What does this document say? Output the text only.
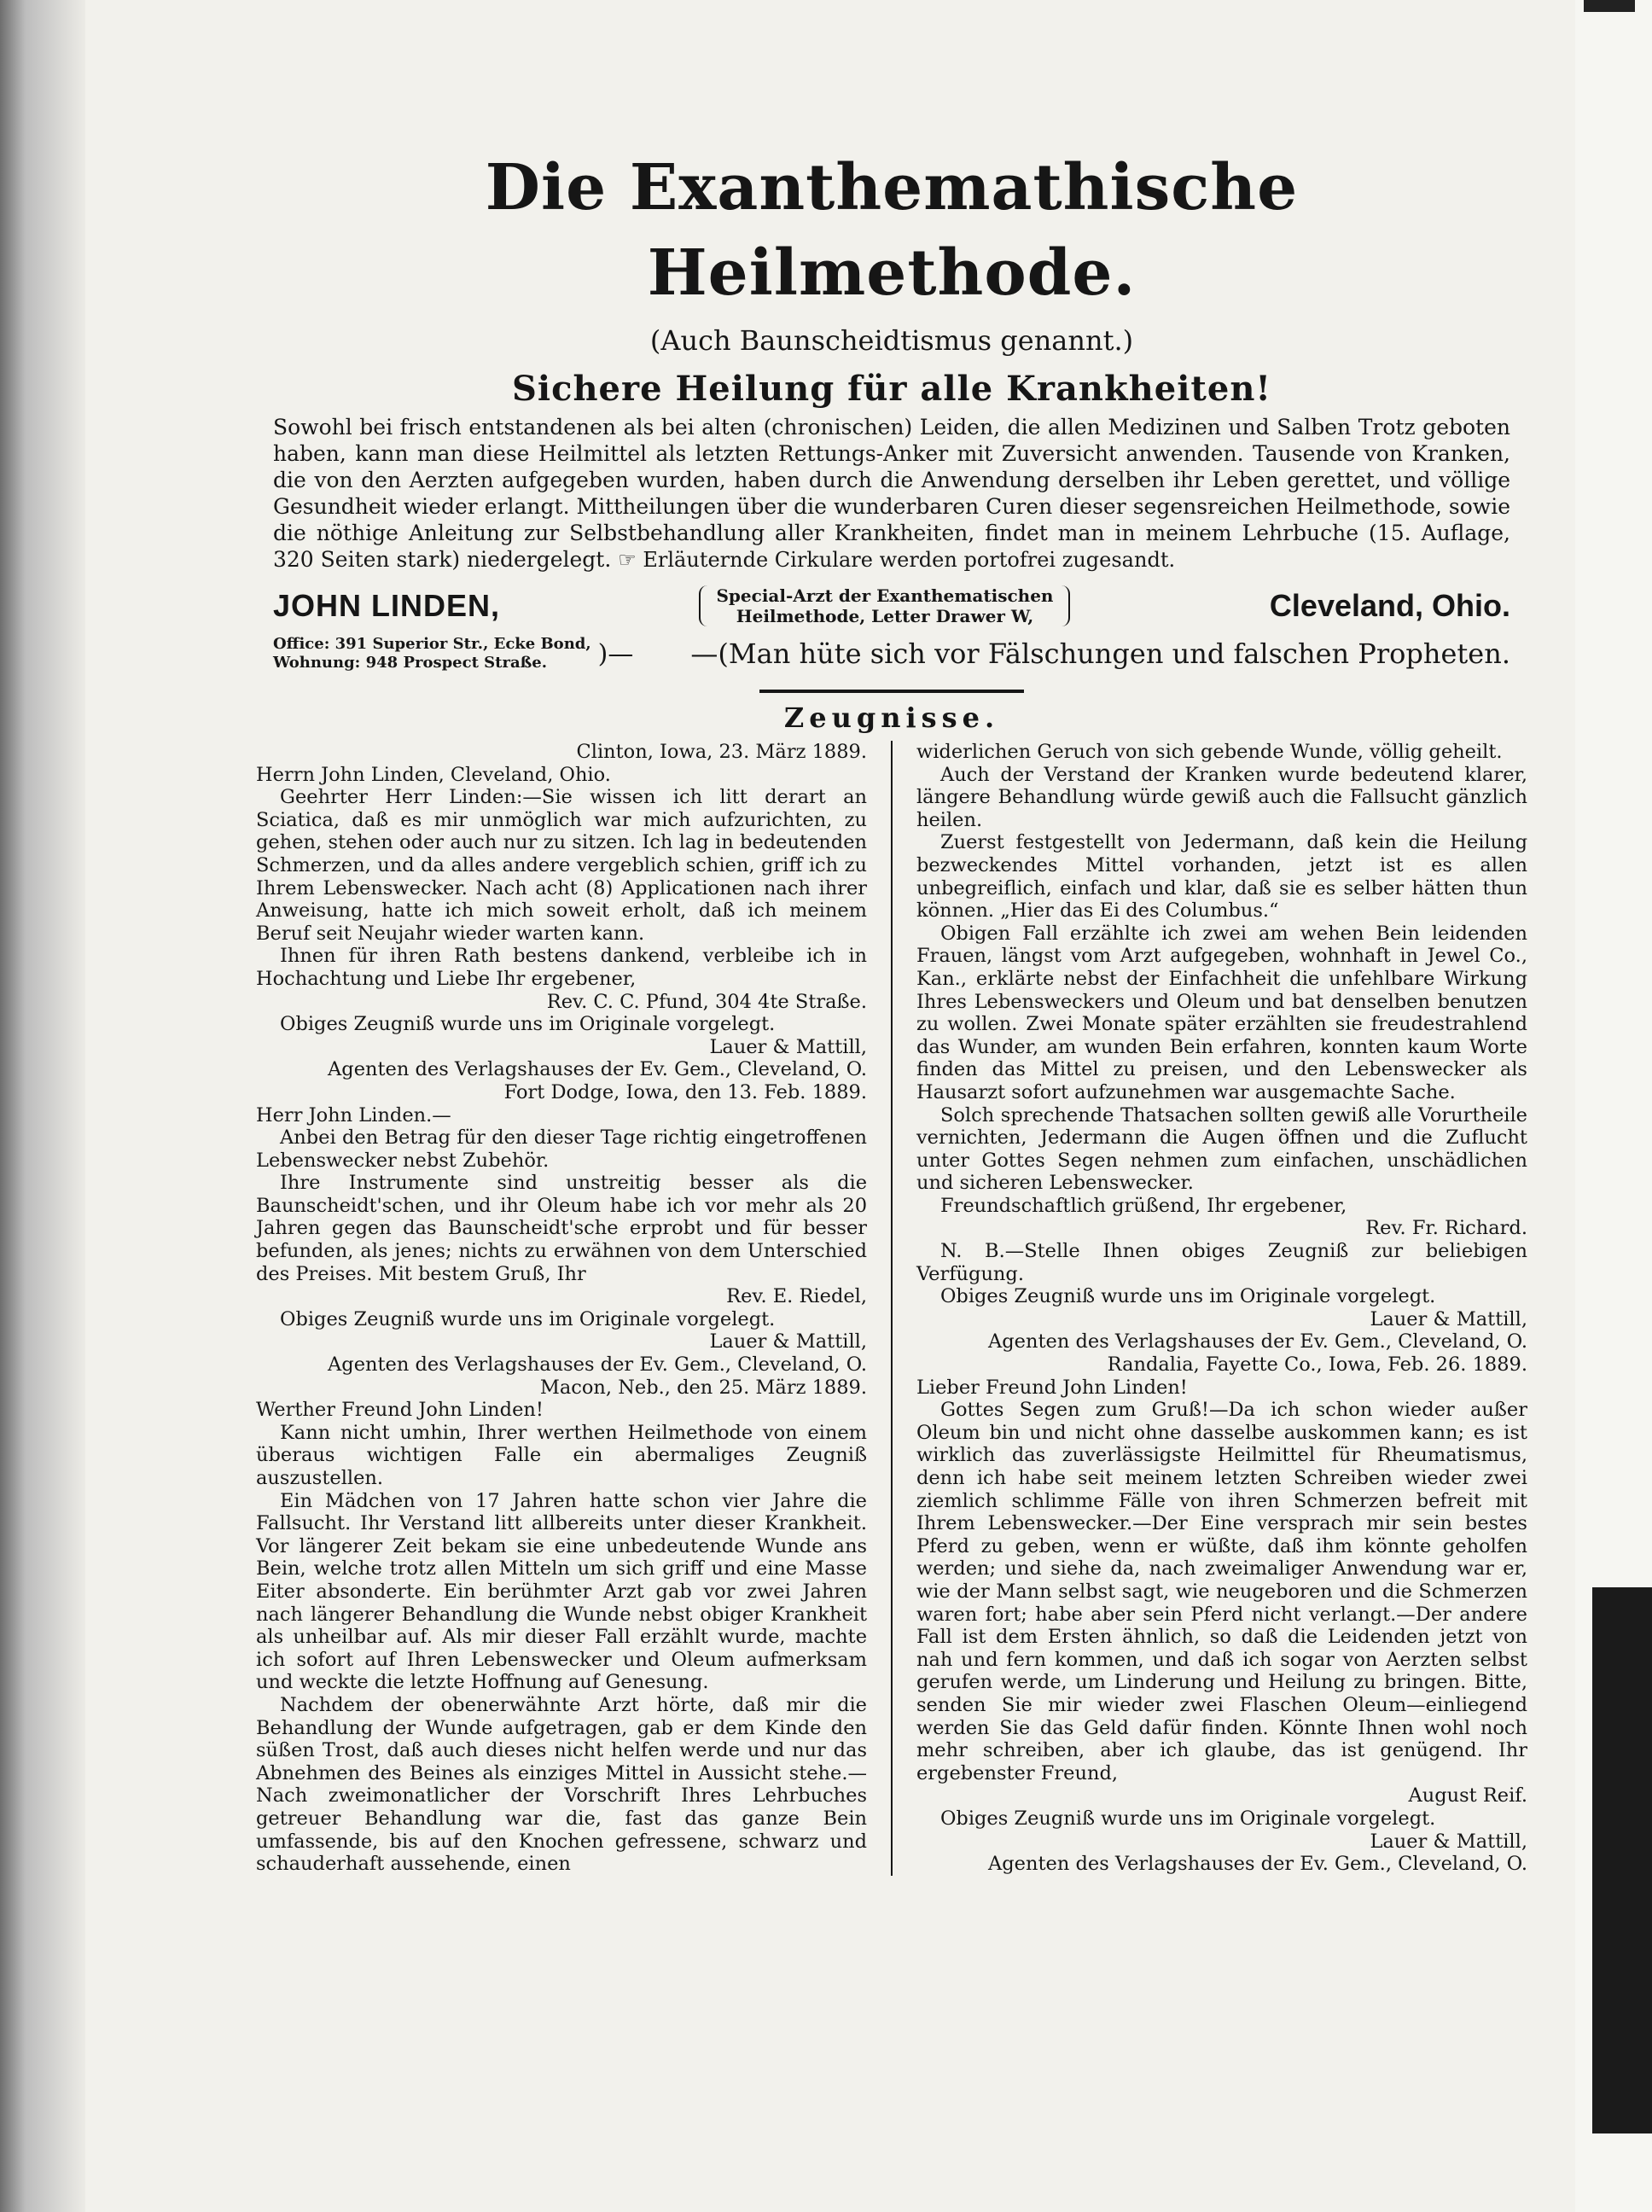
Die Exanthemathische Heilmethode.
(Auch Baunscheidtismus genannt.)
Sichere Heilung für alle Krankheiten!

Sowohl bei frisch entstandenen als bei alten (chronischen) Leiden, die allen Medizinen und Salben Trotz geboten haben, kann man diese Heilmittel als letzten Rettungs-Anker mit Zuversicht anwenden. Tausende von Kranken, die von den Aerzten aufgegeben wurden, haben durch die Anwendung derselben ihr Leben gerettet, und völlige Gesundheit wieder erlangt. Mittheilungen über die wunderbaren Curen dieser segensreichen Heilmethode, sowie die nöthige Anleitung zur Selbstbehandlung aller Krankheiten, findet man in meinem Lehrbuche (15. Auflage, 320 Seiten stark) niedergelegt. ☞ Erläuternde Cirkulare werden portofrei zugesandt.

JOHN LINDEN,	Special-Arzt der Exanthematischen
Heilmethode, Letter Drawer W,	Cleveland, Ohio.
Office: 391 Superior Str., Ecke Bond,
Wohnung: 948 Prospect Straße.	)— —(Man hüte sich vor Fälschungen und falschen Propheten.
Zeugnisse.

Clinton, Iowa, 23. März 1889.

Herrn John Linden, Cleveland, Ohio.

Geehrter Herr Linden:—Sie wissen ich litt derart an Sciatica, daß es mir unmöglich war mich aufzurichten, zu gehen, stehen oder auch nur zu sitzen. Ich lag in bedeutenden Schmerzen, und da alles andere vergeblich schien, griff ich zu Ihrem Lebenswecker. Nach acht (8) Applicationen nach ihrer Anweisung, hatte ich mich soweit erholt, daß ich meinem Beruf seit Neujahr wieder warten kann.

Ihnen für ihren Rath bestens dankend, verbleibe ich in Hochachtung und Liebe Ihr ergebener,

Rev. C. C. Pfund, 304 4te Straße.

Obiges Zeugniß wurde uns im Originale vorgelegt.

Lauer & Mattill,

Agenten des Verlagshauses der Ev. Gem., Cleveland, O.

Fort Dodge, Iowa, den 13. Feb. 1889.

Herr John Linden.—

Anbei den Betrag für den dieser Tage richtig eingetroffenen Lebenswecker nebst Zubehör.

Ihre Instrumente sind unstreitig besser als die Baunscheidt'schen, und ihr Oleum habe ich vor mehr als 20 Jahren gegen das Baunscheidt'sche erprobt und für besser befunden, als jenes; nichts zu erwähnen von dem Unterschied des Preises. Mit bestem Gruß, Ihr

Rev. E. Riedel,

Obiges Zeugniß wurde uns im Originale vorgelegt.

Lauer & Mattill,

Agenten des Verlagshauses der Ev. Gem., Cleveland, O.

Macon, Neb., den 25. März 1889.

Werther Freund John Linden!

Kann nicht umhin, Ihrer werthen Heilmethode von einem überaus wichtigen Falle ein abermaliges Zeugniß auszustellen.

Ein Mädchen von 17 Jahren hatte schon vier Jahre die Fallsucht. Ihr Verstand litt allbereits unter dieser Krankheit. Vor längerer Zeit bekam sie eine unbedeutende Wunde ans Bein, welche trotz allen Mitteln um sich griff und eine Masse Eiter absonderte. Ein berühmter Arzt gab vor zwei Jahren nach längerer Behandlung die Wunde nebst obiger Krankheit als unheilbar auf. Als mir dieser Fall erzählt wurde, machte ich sofort auf Ihren Lebenswecker und Oleum aufmerksam und weckte die letzte Hoffnung auf Genesung.

Nachdem der obenerwähnte Arzt hörte, daß mir die Behandlung der Wunde aufgetragen, gab er dem Kinde den süßen Trost, daß auch dieses nicht helfen werde und nur das Abnehmen des Beines als einziges Mittel in Aussicht stehe.—Nach zweimonatlicher der Vorschrift Ihres Lehrbuches getreuer Behandlung war die, fast das ganze Bein umfassende, bis auf den Knochen gefressene, schwarz und schauderhaft aussehende, einen

widerlichen Geruch von sich gebende Wunde, völlig geheilt.

Auch der Verstand der Kranken wurde bedeutend klarer, längere Behandlung würde gewiß auch die Fallsucht gänzlich heilen.

Zuerst festgestellt von Jedermann, daß kein die Heilung bezweckendes Mittel vorhanden, jetzt ist es allen unbegreiflich, einfach und klar, daß sie es selber hätten thun können. „Hier das Ei des Columbus.“

Obigen Fall erzählte ich zwei am wehen Bein leidenden Frauen, längst vom Arzt aufgegeben, wohnhaft in Jewel Co., Kan., erklärte nebst der Einfachheit die unfehlbare Wirkung Ihres Lebensweckers und Oleum und bat denselben benutzen zu wollen. Zwei Monate später erzählten sie freudestrahlend das Wunder, am wunden Bein erfahren, konnten kaum Worte finden das Mittel zu preisen, und den Lebenswecker als Hausarzt sofort aufzunehmen war ausgemachte Sache.

Solch sprechende Thatsachen sollten gewiß alle Vorurtheile vernichten, Jedermann die Augen öffnen und die Zuflucht unter Gottes Segen nehmen zum einfachen, unschädlichen und sicheren Lebenswecker.

Freundschaftlich grüßend, Ihr ergebener,

Rev. Fr. Richard.

N. B.—Stelle Ihnen obiges Zeugniß zur beliebigen Verfügung.

Obiges Zeugniß wurde uns im Originale vorgelegt.

Lauer & Mattill,

Agenten des Verlagshauses der Ev. Gem., Cleveland, O.

Randalia, Fayette Co., Iowa, Feb. 26. 1889.

Lieber Freund John Linden!

Gottes Segen zum Gruß!—Da ich schon wieder außer Oleum bin und nicht ohne dasselbe auskommen kann; es ist wirklich das zuverlässigste Heilmittel für Rheumatismus, denn ich habe seit meinem letzten Schreiben wieder zwei ziemlich schlimme Fälle von ihren Schmerzen befreit mit Ihrem Lebenswecker.—Der Eine versprach mir sein bestes Pferd zu geben, wenn er wüßte, daß ihm könnte geholfen werden; und siehe da, nach zweimaliger Anwendung war er, wie der Mann selbst sagt, wie neugeboren und die Schmerzen waren fort; habe aber sein Pferd nicht verlangt.—Der andere Fall ist dem Ersten ähnlich, so daß die Leidenden jetzt von nah und fern kommen, und daß ich sogar von Aerzten selbst gerufen werde, um Linderung und Heilung zu bringen. Bitte, senden Sie mir wieder zwei Flaschen Oleum—einliegend werden Sie das Geld dafür finden. Könnte Ihnen wohl noch mehr schreiben, aber ich glaube, das ist genügend. Ihr ergebenster Freund,

August Reif.

Obiges Zeugniß wurde uns im Originale vorgelegt.

Lauer & Mattill,

Agenten des Verlagshauses der Ev. Gem., Cleveland, O.
